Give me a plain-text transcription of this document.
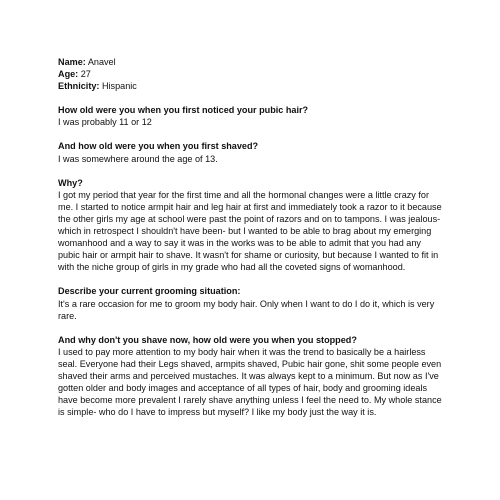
Name: Anavel

Age: 27

Ethnicity: Hispanic

How old were you when you first noticed your pubic hair?

I was probably 11 or 12

And how old were you when you first shaved?

I was somewhere around the age of 13.

Why?

I got my period that year for the first time and all the hormonal changes were a little crazy for me. I started to notice armpit hair and leg hair at first and immediately took a razor to it because the other girls my age at school were past the point of razors and on to tampons. I was jealous- which in retrospect I shouldn't have been- but I wanted to be able to brag about my emerging womanhood and a way to say it was in the works was to be able to admit that you had any pubic hair or armpit hair to shave. It wasn't for shame or curiosity, but because I wanted to fit in with the niche group of girls in my grade who had all the coveted signs of womanhood.

Describe your current grooming situation:

It's a rare occasion for me to groom my body hair. Only when I want to do I do it, which is very rare.

And why don't you shave now, how old were you when you stopped?

I used to pay more attention to my body hair when it was the trend to basically be a hairless seal. Everyone had their Legs shaved, armpits shaved, Pubic hair gone, shit some people even shaved their arms and perceived mustaches. It was always kept to a minimum. But now as I've gotten older and body images and acceptance of all types of hair, body and grooming ideals have become more prevalent I rarely shave anything unless I feel the need to. My whole stance is simple- who do I have to impress but myself? I like my body just the way it is.
